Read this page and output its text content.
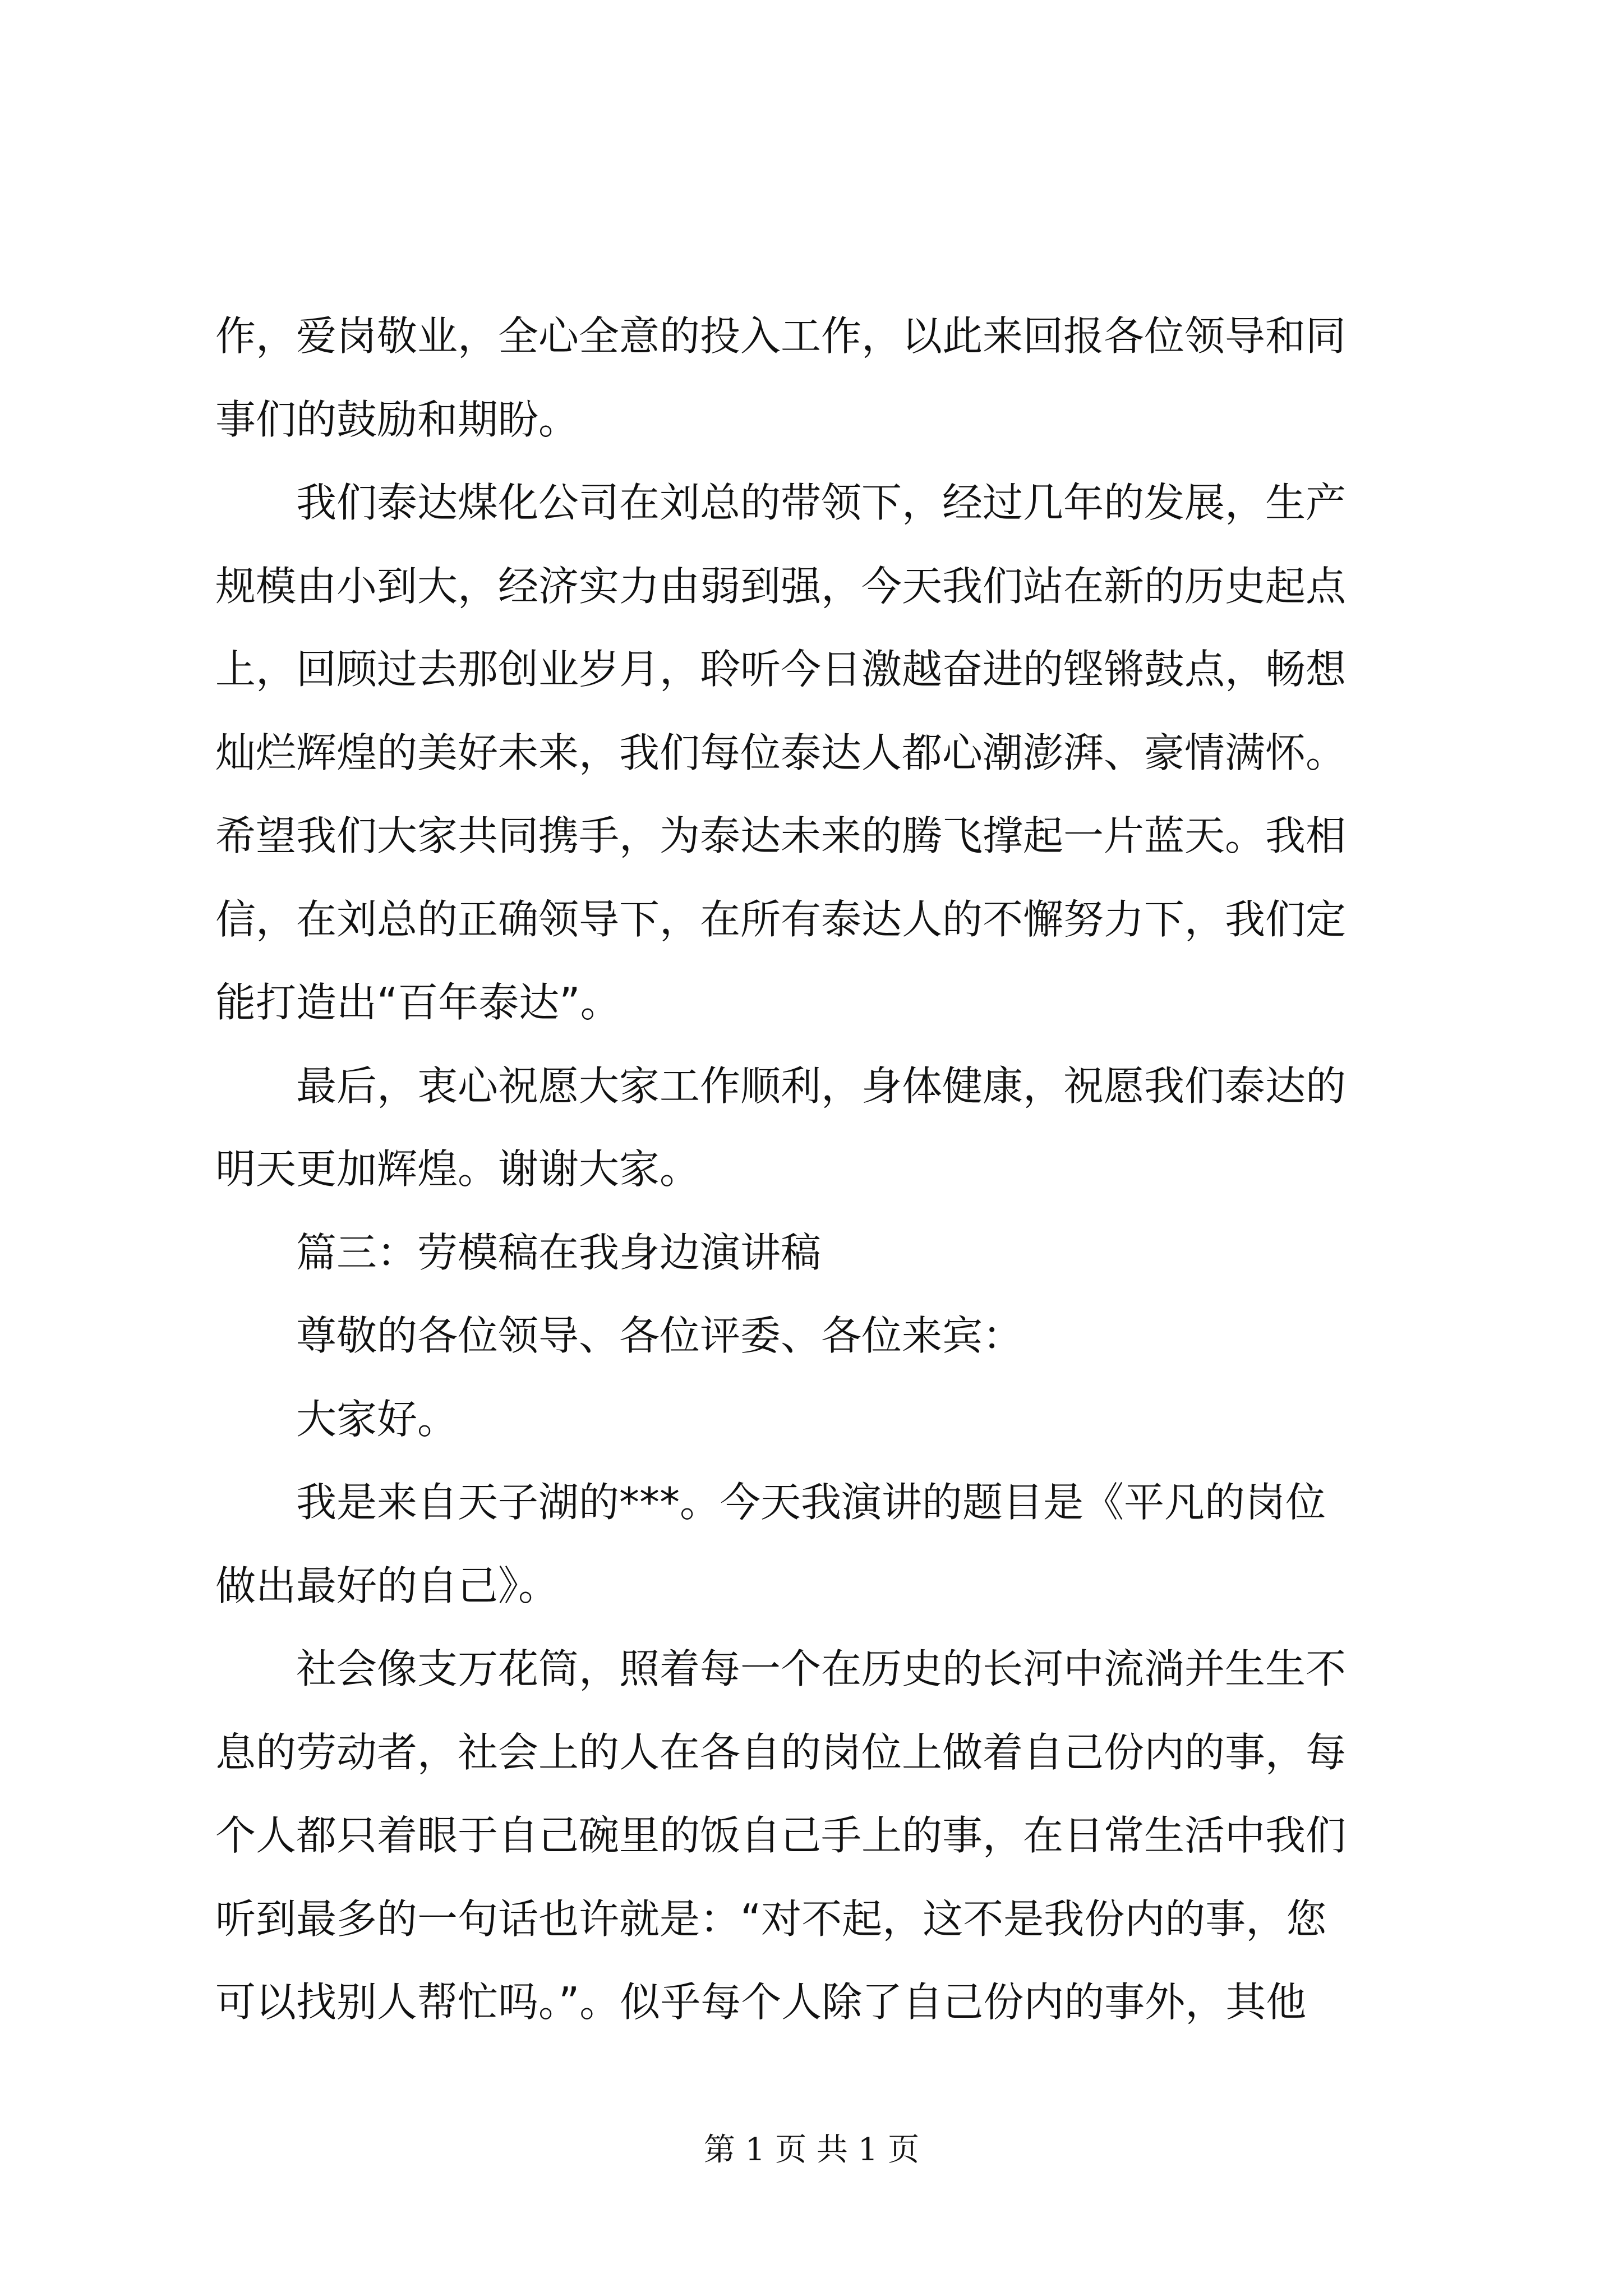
作，爱岗敬业，全心全意的投入工作，以此来回报各位领导和同
事们的鼓励和期盼。
　　我们泰达煤化公司在刘总的带领下，经过几年的发展，生产
规模由小到大，经济实力由弱到强，今天我们站在新的历史起点
上，回顾过去那创业岁月，聆听今日激越奋进的铿锵鼓点，畅想
灿烂辉煌的美好未来，我们每位泰达人都心潮澎湃、豪情满怀。
希望我们大家共同携手，为泰达未来的腾飞撑起一片蓝天。我相
信，在刘总的正确领导下，在所有泰达人的不懈努力下，我们定
能打造出“百年泰达”。
　　最后，衷心祝愿大家工作顺利，身体健康，祝愿我们泰达的
明天更加辉煌。谢谢大家。
　　篇三：劳模稿在我身边演讲稿
　　尊敬的各位领导、各位评委、各位来宾：
　　大家好。
　　我是来自天子湖的***。今天我演讲的题目是《平凡的岗位
做出最好的自己》。
　　社会像支万花筒，照着每一个在历史的长河中流淌并生生不
息的劳动者，社会上的人在各自的岗位上做着自己份内的事，每
个人都只着眼于自己碗里的饭自己手上的事，在日常生活中我们
听到最多的一句话也许就是：“对不起，这不是我份内的事，您
可以找别人帮忙吗。”。似乎每个人除了自己份内的事外，其他
第 1 页 共 1 页
